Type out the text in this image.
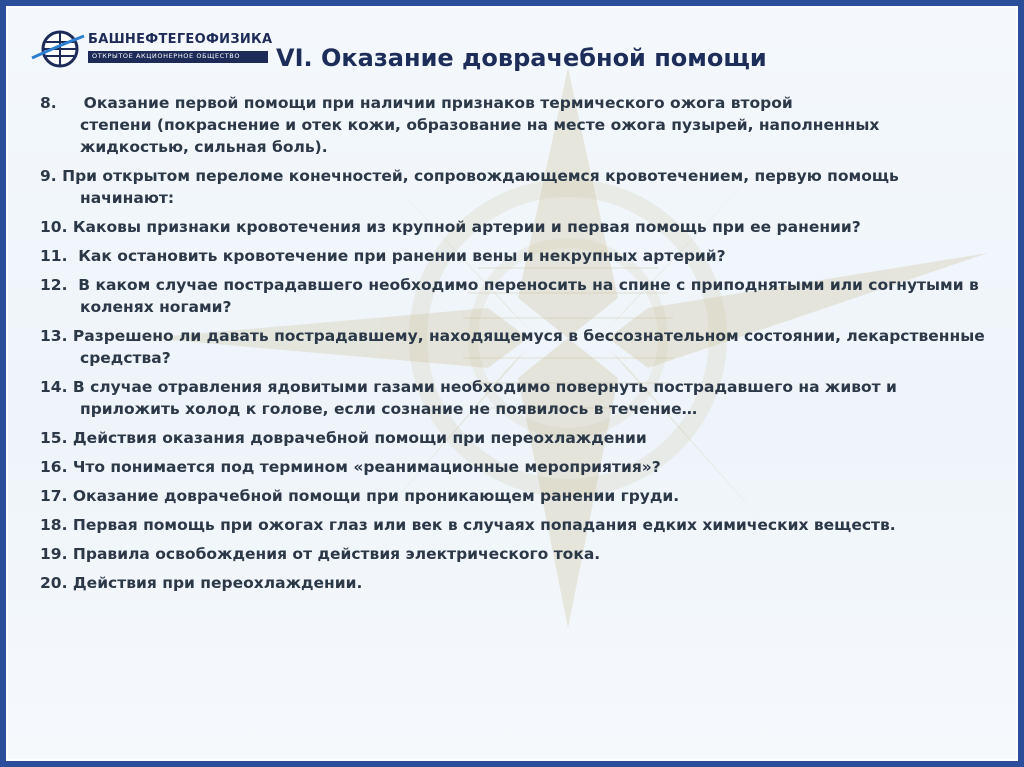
БАШНЕФТЕГЕОФИЗИКА
ОТКРЫТОЕ АКЦИОНЕРНОЕ ОБЩЕСТВО VI. Оказание доврачебной помощи
8. Оказание первой помощи при наличии признаков термического ожога второй
степени (покраснение и отек кожи, образование на месте ожога пузырей, наполненных жидкостью, сильная боль).
9. При открытом переломе конечностей, сопровождающемся кровотечением, первую помощь начинают:
10. Каковы признаки кровотечения из крупной артерии и первая помощь при ее ранении?
11. Как остановить кровотечение при ранении вены и некрупных артерий?
12. В каком случае пострадавшего необходимо переносить на спине с приподнятыми или согнутыми в коленях ногами?
13. Разрешено ли давать пострадавшему, находящемуся в бессознательном состоянии, лекарственные средства?
14. В случае отравления ядовитыми газами необходимо повернуть пострадавшего на живот и приложить холод к голове, если сознание не появилось в течение…
15. Действия оказания доврачебной помощи при переохлаждении
16. Что понимается под термином «реанимационные мероприятия»?
17. Оказание доврачебной помощи при проникающем ранении груди.
18. Первая помощь при ожогах глаз или век в случаях попадания едких химических веществ.
19. Правила освобождения от действия электрического тока.
20. Действия при переохлаждении.
